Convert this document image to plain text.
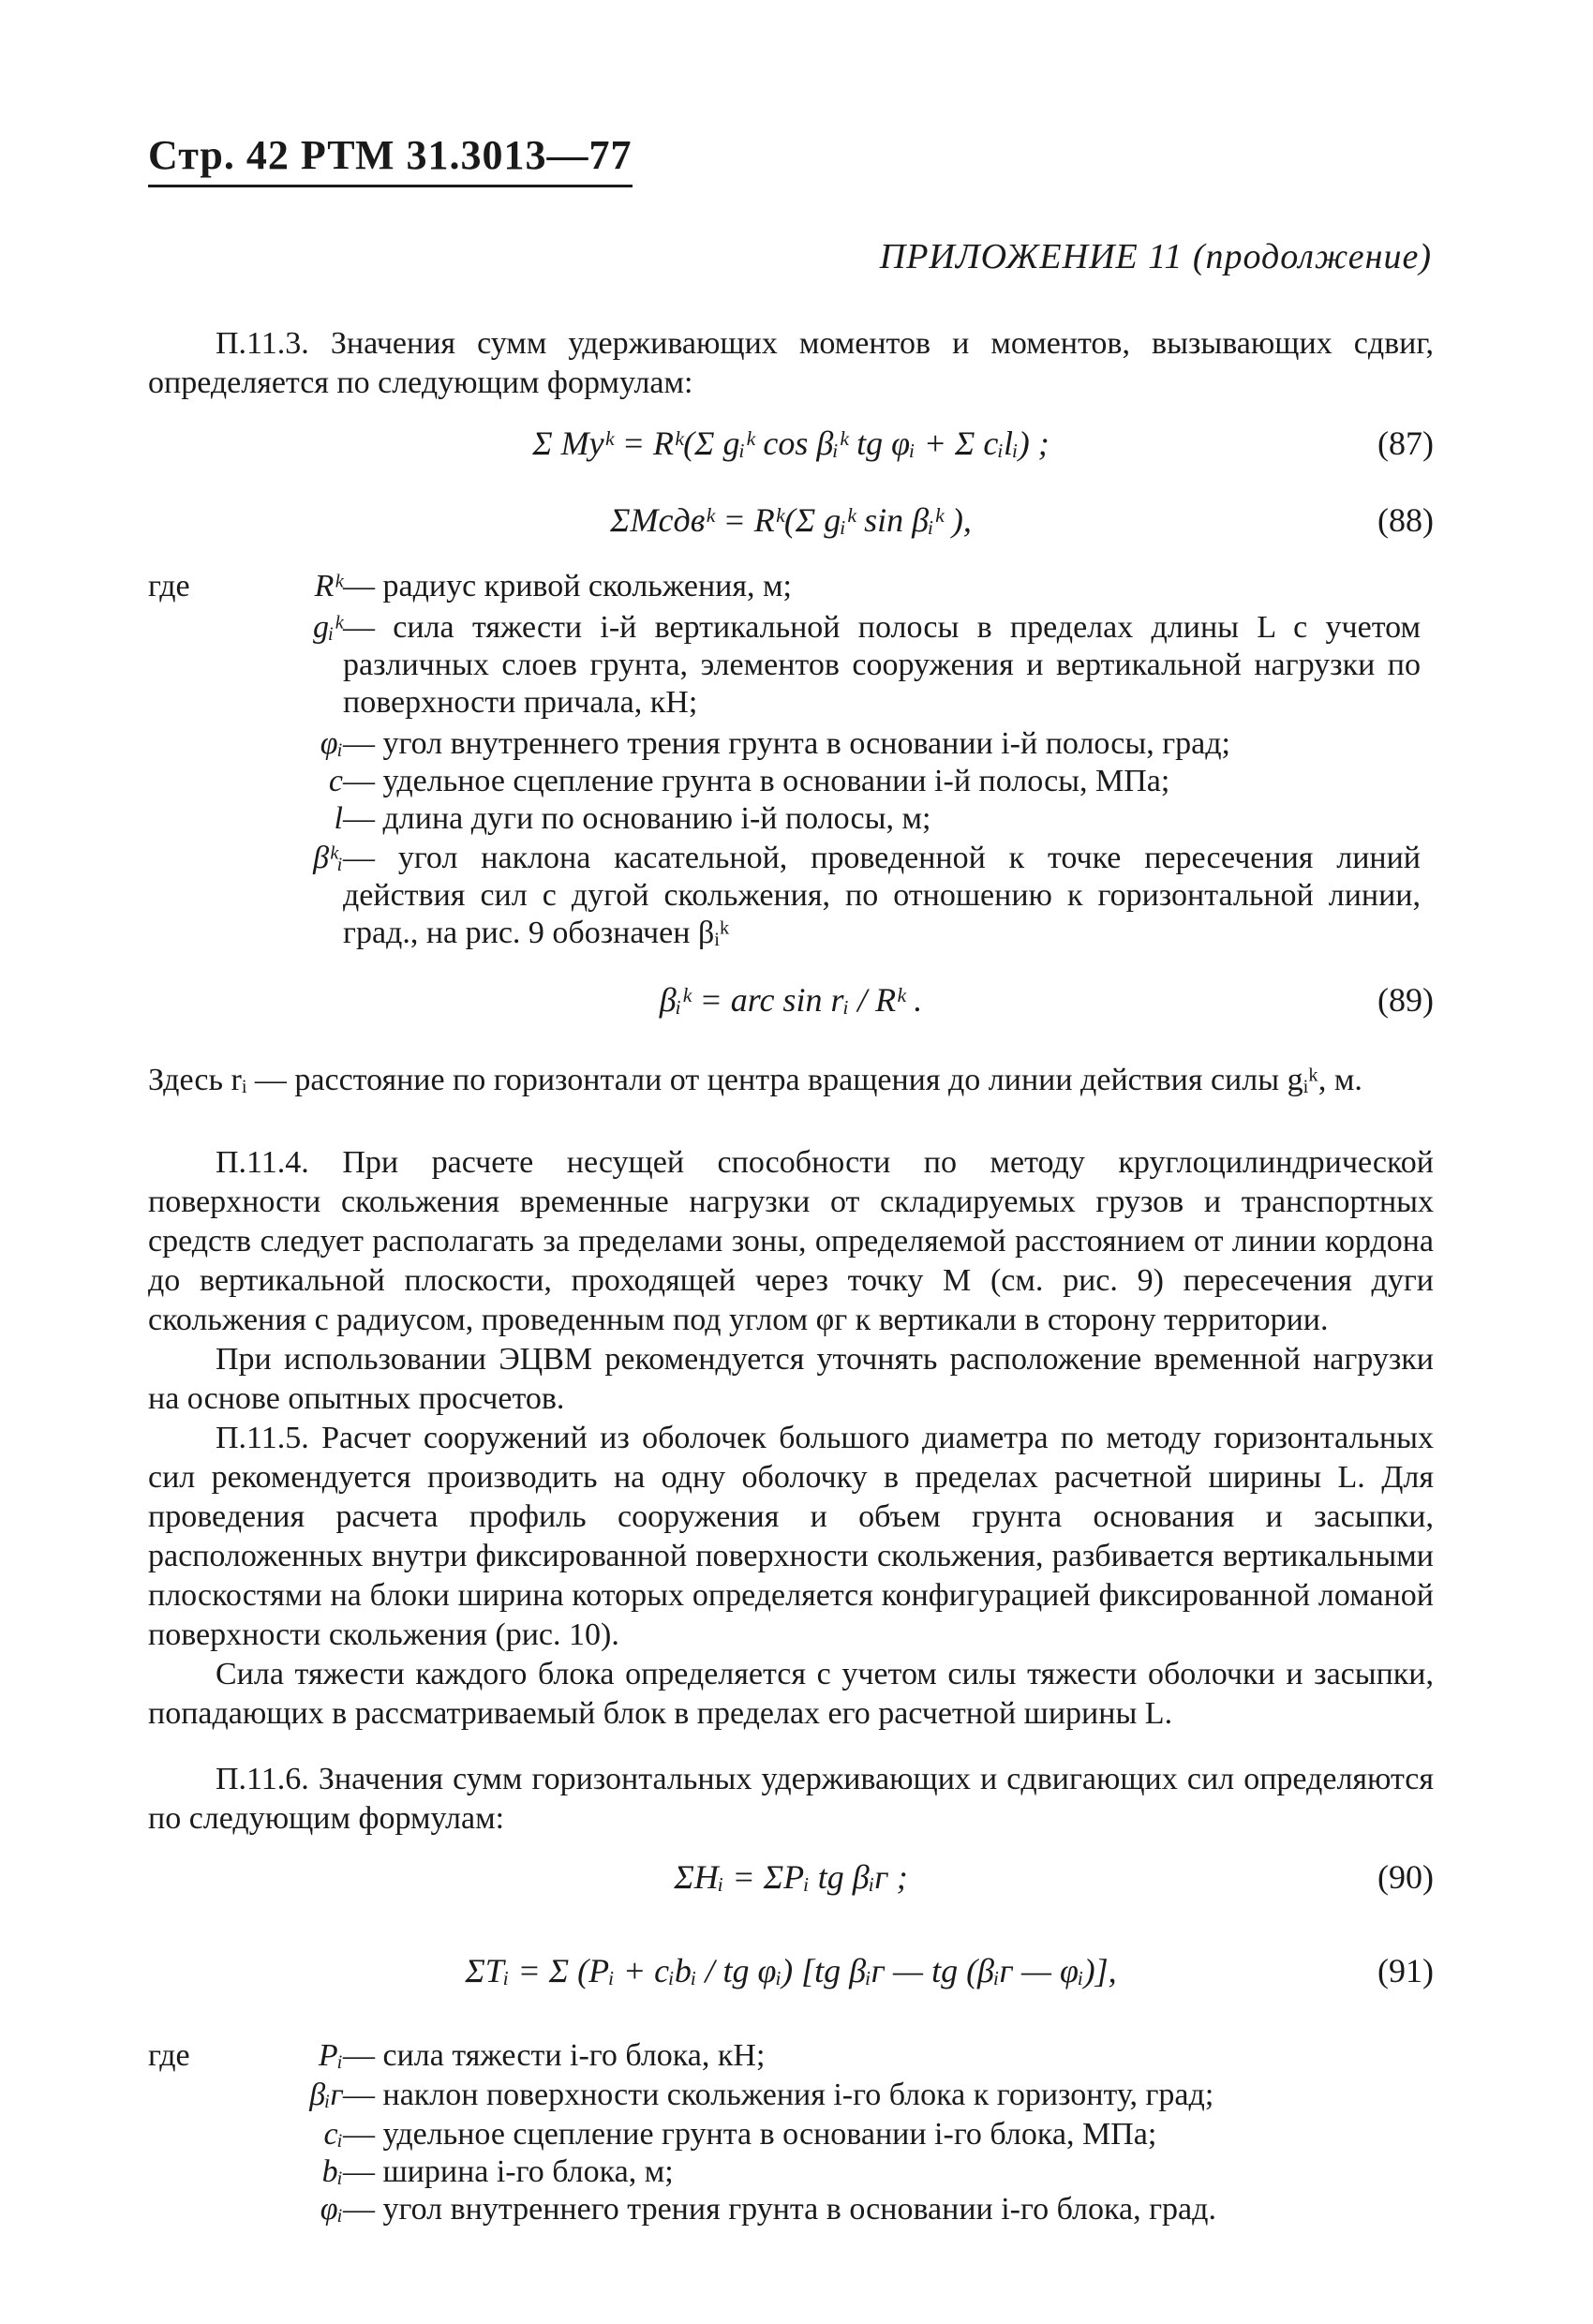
Стр. 42 РТМ 31.3013—77
ПРИЛОЖЕНИЕ 11 (продолжение)
П.11.3. Значения сумм удерживающих моментов и моментов, вызывающих сдвиг, определяется по следующим формулам:
Σ Mуᵏ = Rᵏ(Σ gᵢᵏ cos βᵢᵏ tg φᵢ + Σ cᵢlᵢ) ;	(87)
ΣMсдвᵏ = Rᵏ(Σ gᵢᵏ sin βᵢᵏ ),	(88)
где	Rᵏ— радиус кривой скольжения, м;
gᵢᵏ— сила тяжести i-й вертикальной полосы в пределах длины L с учетом различных слоев грунта, элементов сооружения и вертикальной нагрузки по поверхности причала, кН;
φᵢ— угол внутреннего трения грунта в основании i-й полосы, град;
c— удельное сцепление грунта в основании i-й полосы, МПа;
l— длина дуги по основанию i-й полосы, м;
βᵏᵢ— угол наклона касательной, проведенной к точке пересечения линий действия сил с дугой скольжения, по отношению к горизонтальной линии, град., на рис. 9 обозначен βᵢᵏ
βᵢᵏ = arc sin rᵢ / Rᵏ .	(89)
Здесь rᵢ — расстояние по горизонтали от центра вращения до линии действия силы gᵢᵏ, м.
П.11.4. При расчете несущей способности по методу круглоцилиндрической поверхности скольжения временные нагрузки от складируемых грузов и транспортных средств следует располагать за пределами зоны, определяемой расстоянием от линии кордона до вертикальной плоскости, проходящей через точку M (см. рис. 9) пересечения дуги скольжения с радиусом, проведенным под углом φг к вертикали в сторону территории.
При использовании ЭЦВМ рекомендуется уточнять расположение временной нагрузки на основе опытных просчетов.
П.11.5. Расчет сооружений из оболочек большого диаметра по методу горизонтальных сил рекомендуется производить на одну оболочку в пределах расчетной ширины L. Для проведения расчета профиль сооружения и объем грунта основания и засыпки, расположенных внутри фиксированной поверхности скольжения, разбивается вертикальными плоскостями на блоки ширина которых определяется конфигурацией фиксированной ломаной поверхности скольжения (рис. 10).
Сила тяжести каждого блока определяется с учетом силы тяжести оболочки и засыпки, попадающих в рассматриваемый блок в пределах его расчетной ширины L.
П.11.6. Значения сумм горизонтальных удерживающих и сдвигающих сил определяются по следующим формулам:
ΣHᵢ = ΣPᵢ tg βᵢᴦ ;	(90)
ΣTᵢ = Σ (Pᵢ + cᵢbᵢ / tg φᵢ) [tg βᵢᴦ — tg (βᵢᴦ — φᵢ)],	(91)
где	Pᵢ— сила тяжести i-го блока, кН;
βᵢᴦ— наклон поверхности скольжения i-го блока к горизонту, град;
cᵢ— удельное сцепление грунта в основании i-го блока, МПа;
bᵢ— ширина i-го блока, м;
φᵢ— угол внутреннего трения грунта в основании i-го блока, град.
